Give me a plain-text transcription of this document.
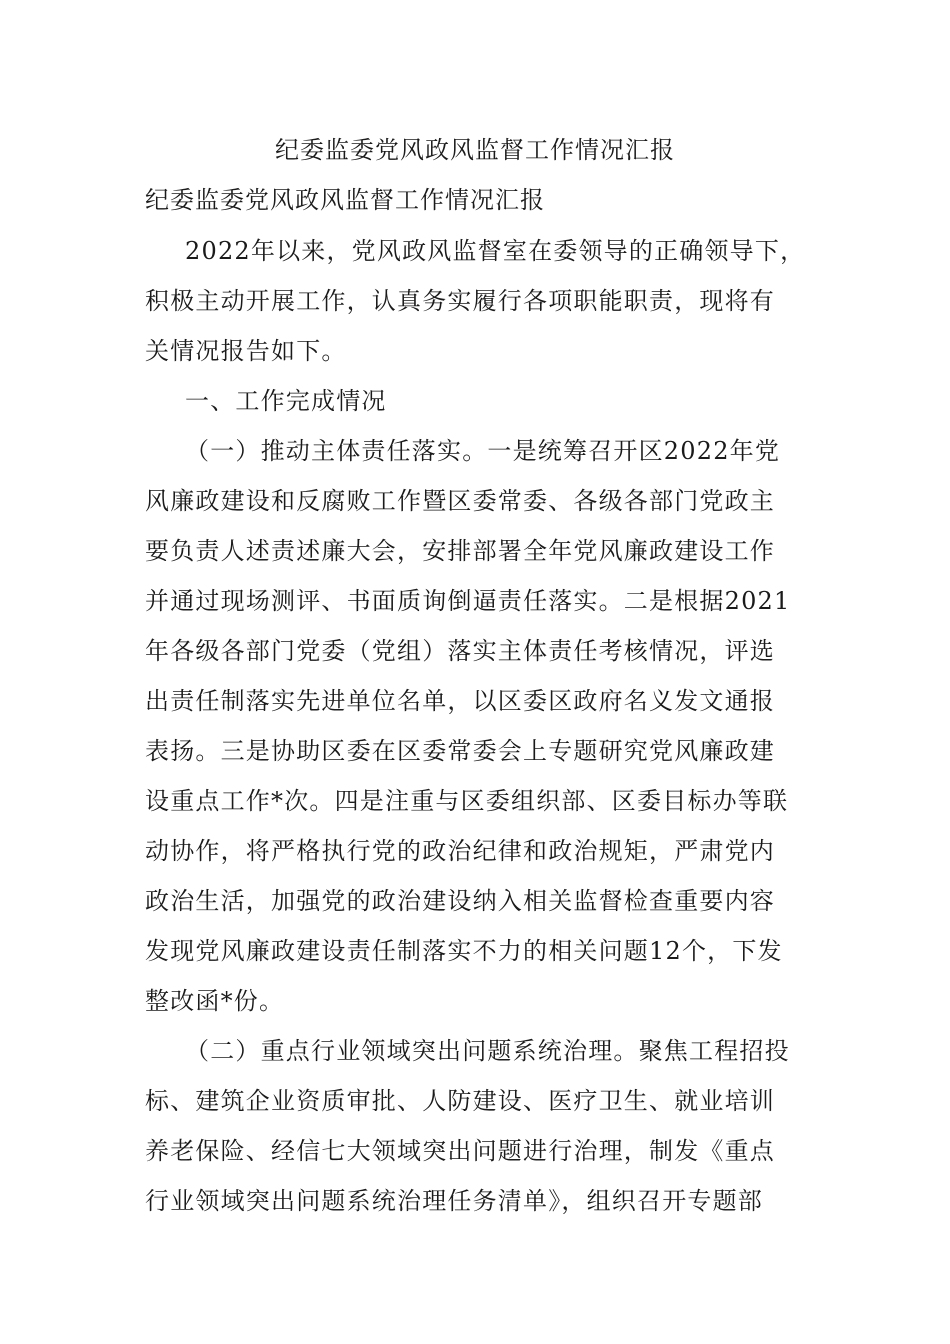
纪委监委党风政风监督工作情况汇报
纪委监委党风政风监督工作情况汇报
2022年以来，党风政风监督室在委领导的正确领导下，
积极主动开展工作，认真务实履行各项职能职责，现将有
关情况报告如下。
一、工作完成情况
（一）推动主体责任落实。一是统筹召开区2022年党
风廉政建设和反腐败工作暨区委常委、各级各部门党政主
要负责人述责述廉大会，安排部署全年党风廉政建设工作
并通过现场测评、书面质询倒逼责任落实。二是根据2021
年各级各部门党委（党组）落实主体责任考核情况，评选
出责任制落实先进单位名单，以区委区政府名义发文通报
表扬。三是协助区委在区委常委会上专题研究党风廉政建
设重点工作*次。四是注重与区委组织部、区委目标办等联
动协作，将严格执行党的政治纪律和政治规矩，严肃党内
政治生活，加强党的政治建设纳入相关监督检查重要内容
发现党风廉政建设责任制落实不力的相关问题12个，下发
整改函*份。
（二）重点行业领域突出问题系统治理。聚焦工程招投
标、建筑企业资质审批、人防建设、医疗卫生、就业培训
养老保险、经信七大领域突出问题进行治理，制发《重点
行业领域突出问题系统治理任务清单》，组织召开专题部
